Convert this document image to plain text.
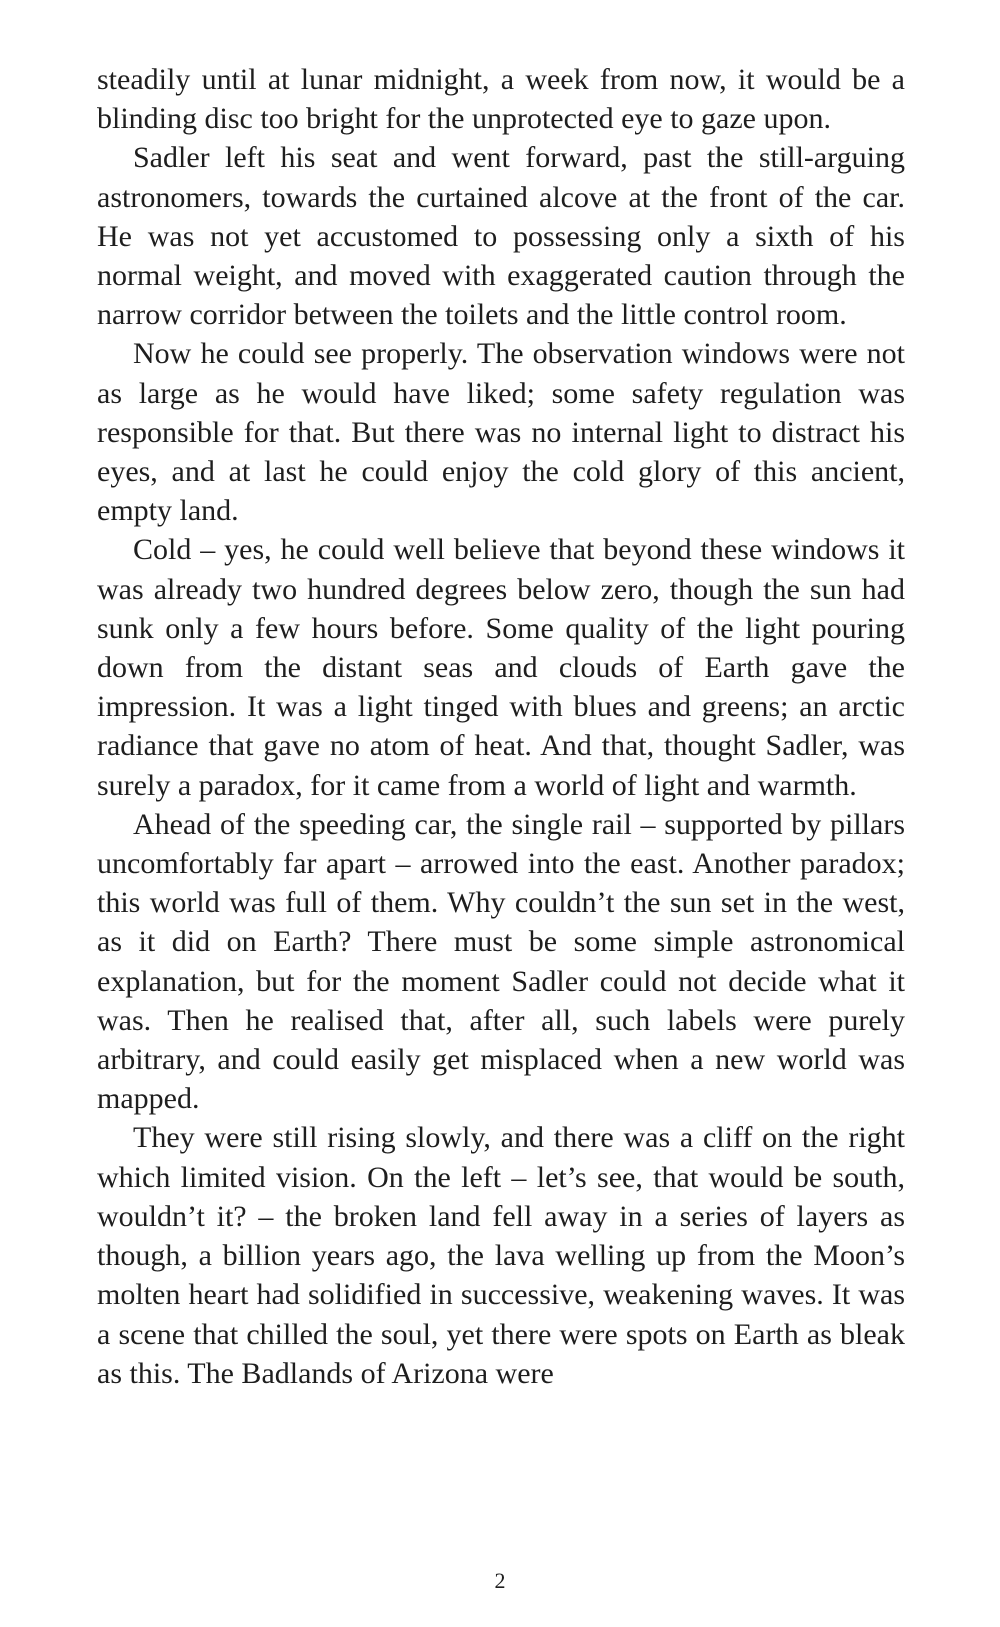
steadily until at lunar midnight, a week from now, it would be a blinding disc too bright for the unprotected eye to gaze upon.

Sadler left his seat and went forward, past the still-arguing astronomers, towards the curtained alcove at the front of the car. He was not yet accustomed to possessing only a sixth of his normal weight, and moved with exaggerated caution through the narrow corridor between the toilets and the little control room.

Now he could see properly. The observation windows were not as large as he would have liked; some safety regulation was responsible for that. But there was no internal light to distract his eyes, and at last he could enjoy the cold glory of this ancient, empty land.

Cold – yes, he could well believe that beyond these windows it was already two hundred degrees below zero, though the sun had sunk only a few hours before. Some quality of the light pouring down from the distant seas and clouds of Earth gave the impression. It was a light tinged with blues and greens; an arctic radiance that gave no atom of heat. And that, thought Sadler, was surely a paradox, for it came from a world of light and warmth.

Ahead of the speeding car, the single rail – supported by pillars uncomfortably far apart – arrowed into the east. Another paradox; this world was full of them. Why couldn’t the sun set in the west, as it did on Earth? There must be some simple astronomical explanation, but for the moment Sadler could not decide what it was. Then he realised that, after all, such labels were purely arbitrary, and could easily get misplaced when a new world was mapped.

They were still rising slowly, and there was a cliff on the right which limited vision. On the left – let’s see, that would be south, wouldn’t it? – the broken land fell away in a series of layers as though, a billion years ago, the lava welling up from the Moon’s molten heart had solidified in successive, weakening waves. It was a scene that chilled the soul, yet there were spots on Earth as bleak as this. The Badlands of Arizona were

2
